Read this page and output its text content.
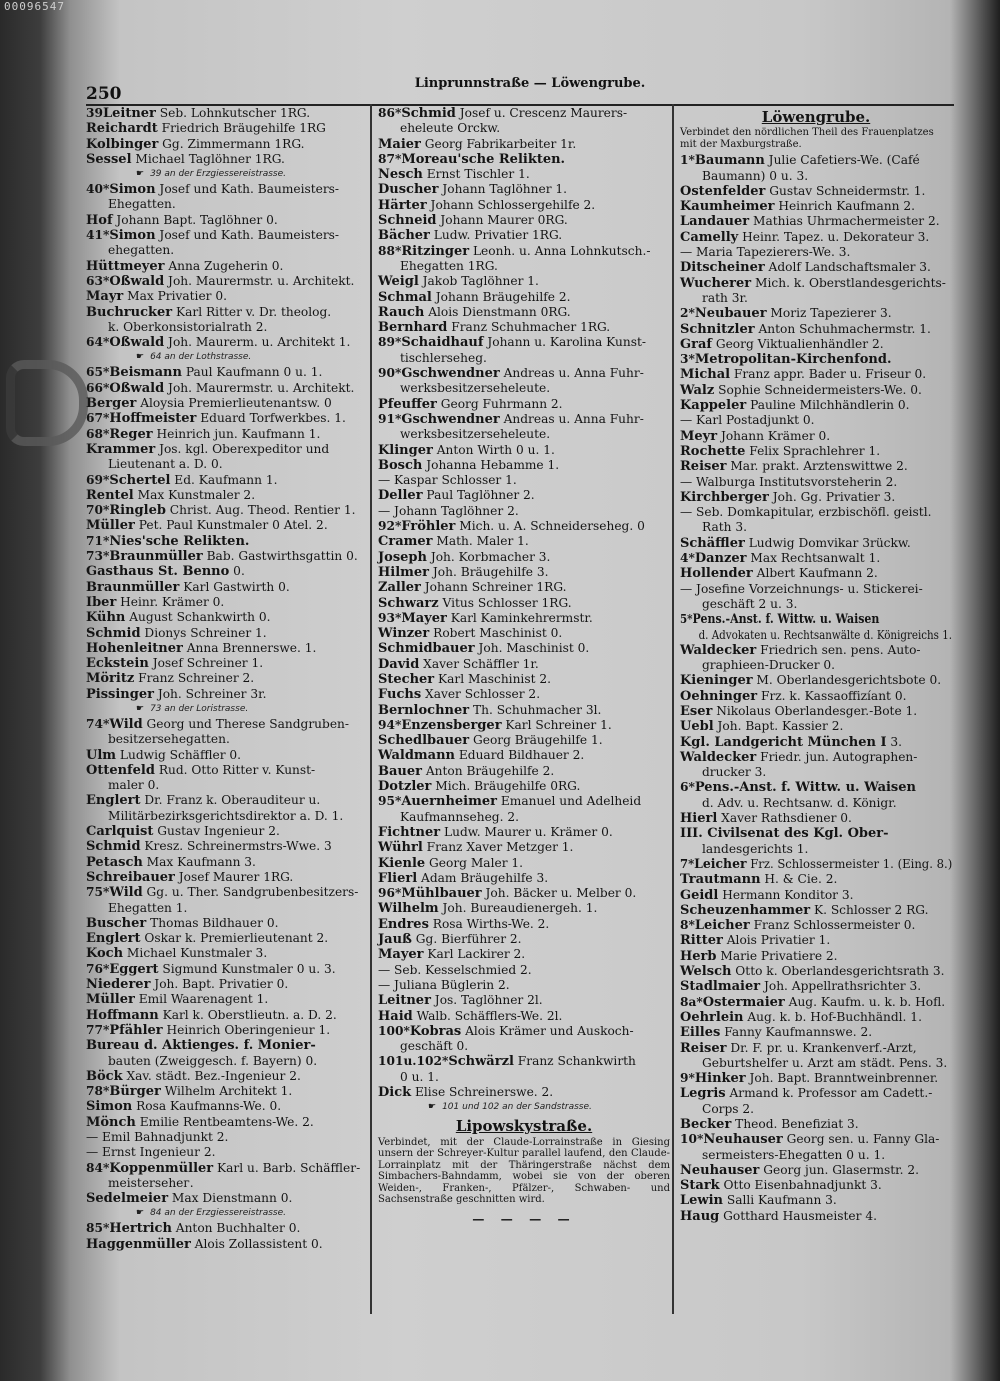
00096547
250
Linprunnstraße — Löwengrube.
39Leitner Seb. Lohnkutscher 1RG.
Reichardt Friedrich Bräugehilfe 1RG
Kolbinger Gg. Zimmermann 1RG.
Sessel Michael Taglöhner 1RG.
☛ 39 an der Erzgiessereistrasse.
40*Simon Josef und Kath. Baumeisters-
Ehegatten.
Hof Johann Bapt. Taglöhner 0.
41*Simon Josef und Kath. Baumeisters-
ehegatten.
Hüttmeyer Anna Zugeherin 0.
63*Oßwald Joh. Maurermstr. u. Architekt.
Mayr Max Privatier 0.
Buchrucker Karl Ritter v. Dr. theolog.
k. Oberkonsistorialrath 2.
64*Oßwald Joh. Maurerm. u. Architekt 1.
☛ 64 an der Lothstrasse.
65*Beismann Paul Kaufmann 0 u. 1.
66*Oßwald Joh. Maurermstr. u. Architekt.
Berger Aloysia Premierlieutenantsw. 0
67*Hoffmeister Eduard Torfwerkbes. 1.
68*Reger Heinrich jun. Kaufmann 1.
Krammer Jos. kgl. Oberexpeditor und
Lieutenant a. D. 0.
69*Schertel Ed. Kaufmann 1.
Rentel Max Kunstmaler 2.
70*Ringleb Christ. Aug. Theod. Rentier 1.
Müller Pet. Paul Kunstmaler 0 Atel. 2.
71*Nies'sche Relikten.
73*Braunmüller Bab. Gastwirthsgattin 0.
Gasthaus St. Benno 0.
Braunmüller Karl Gastwirth 0.
Iber Heinr. Krämer 0.
Kühn August Schankwirth 0.
Schmid Dionys Schreiner 1.
Hohenleitner Anna Brennerswe. 1.
Eckstein Josef Schreiner 1.
Möritz Franz Schreiner 2.
Pissinger Joh. Schreiner 3r.
☛ 73 an der Loristrasse.
74*Wild Georg und Therese Sandgruben-
besitzersehegatten.
Ulm Ludwig Schäffler 0.
Ottenfeld Rud. Otto Ritter v. Kunst-
maler 0.
Englert Dr. Franz k. Oberauditeur u.
Militärbezirksgerichtsdirektor a. D. 1.
Carlquist Gustav Ingenieur 2.
Schmid Kresz. Schreinermstrs-Wwe. 3
Petasch Max Kaufmann 3.
Schreibauer Josef Maurer 1RG.
75*Wild Gg. u. Ther. Sandgrubenbesitzers-
Ehegatten 1.
Buscher Thomas Bildhauer 0.
Englert Oskar k. Premierlieutenant 2.
Koch Michael Kunstmaler 3.
76*Eggert Sigmund Kunstmaler 0 u. 3.
Niederer Joh. Bapt. Privatier 0.
Müller Emil Waarenagent 1.
Hoffmann Karl k. Oberstlieutn. a. D. 2.
77*Pfähler Heinrich Oberingenieur 1.
Bureau d. Aktienges. f. Monier-
bauten (Zweiggesch. f. Bayern) 0.
Böck Xav. städt. Bez.-Ingenieur 2.
78*Bürger Wilhelm Architekt 1.
Simon Rosa Kaufmanns-We. 0.
Mönch Emilie Rentbeamtens-We. 2.
— Emil Bahnadjunkt 2.
— Ernst Ingenieur 2.
84*Koppenmüller Karl u. Barb. Schäffler-
meistersehег.
Sedelmeier Max Dienstmann 0.
☛ 84 an der Erzgiessereistrasse.
85*Hertrich Anton Buchhalter 0.
Haggenmüller Alois Zollassistent 0.
86*Schmid Josef u. Crescenz Maurers-
eheleute Orckw.
Maier Georg Fabrikarbeiter 1r.
87*Moreau'sche Relikten.
Nesch Ernst Tischler 1.
Duscher Johann Taglöhner 1.
Härter Johann Schlossergehilfe 2.
Schneid Johann Maurer 0RG.
Bächer Ludw. Privatier 1RG.
88*Ritzinger Leonh. u. Anna Lohnkutsch.-
Ehegatten 1RG.
Weigl Jakob Taglöhner 1.
Schmal Johann Bräugehilfe 2.
Rauch Alois Dienstmann 0RG.
Bernhard Franz Schuhmacher 1RG.
89*Schaidhauf Johann u. Karolina Kunst-
tischlerseheg.
90*Gschwendner Andreas u. Anna Fuhr-
werksbesitzerseheleute.
Pfeuffer Georg Fuhrmann 2.
91*Gschwendner Andreas u. Anna Fuhr-
werksbesitzerseheleute.
Klinger Anton Wirth 0 u. 1.
Bosch Johanna Hebamme 1.
— Kaspar Schlosser 1.
Deller Paul Taglöhner 2.
— Johann Taglöhner 2.
92*Fröhler Mich. u. A. Schneiderseheg. 0
Cramer Math. Maler 1.
Joseph Joh. Korbmacher 3.
Hilmer Joh. Bräugehilfe 3.
Zaller Johann Schreiner 1RG.
Schwarz Vitus Schlosser 1RG.
93*Mayer Karl Kaminkehrermstr.
Winzer Robert Maschinist 0.
Schmidbauer Joh. Maschinist 0.
David Xaver Schäffler 1r.
Stecher Karl Maschinist 2.
Fuchs Xaver Schlosser 2.
Bernlochner Th. Schuhmacher 3l.
94*Enzensberger Karl Schreiner 1.
Schedlbauer Georg Bräugehilfe 1.
Waldmann Eduard Bildhauer 2.
Bauer Anton Bräugehilfe 2.
Dotzler Mich. Bräugehilfe 0RG.
95*Auernheimer Emanuel und Adelheid
Kaufmannseheg. 2.
Fichtner Ludw. Maurer u. Krämer 0.
Wührl Franz Xaver Metzger 1.
Kienle Georg Maler 1.
Flierl Adam Bräugehilfe 3.
96*Mühlbauer Joh. Bäcker u. Melber 0.
Wilhelm Joh. Bureaudienergeh. 1.
Endres Rosa Wirths-We. 2.
Jauß Gg. Bierführer 2.
Mayer Karl Lackirer 2.
— Seb. Kesselschmied 2.
— Juliana Büglerin 2.
Leitner Jos. Taglöhner 2l.
Haid Walb. Schäfflers-We. 2l.
100*Kobras Alois Krämer und Auskoch-
geschäft 0.
101u.102*Schwärzl Franz Schankwirth
0 u. 1.
Dick Elise Schreinerswe. 2.
☛ 101 und 102 an der Sandstrasse.
Lipowskystraße.
Verbindet, mit der Claude-Lorrainstraße in Giesing unsern der Schreyer-Kultur parallel laufend, den Claude-Lorrainplatz mit der Thäringerstraße nächst dem Simbachers-Bahndamm, wobei sie von der oberen Weiden-, Franken-, Pfälzer-, Schwaben- und Sachsenstraße geschnitten wird.
— — — —
Löwengrube.
Verbindet den nördlichen Theil des Frauenplatzes mit der Maxburgstraße.
1*Baumann Julie Cafetiers-We. (Café
Baumann) 0 u. 3.
Ostenfelder Gustav Schneidermstr. 1.
Kaumheimer Heinrich Kaufmann 2.
Landauer Mathias Uhrmachermeister 2.
Camelly Heinr. Tapez. u. Dekorateur 3.
— Maria Tapezierers-We. 3.
Ditscheiner Adolf Landschaftsmaler 3.
Wucherer Mich. k. Oberstlandesgerichts-
rath 3r.
2*Neubauer Moriz Tapezierer 3.
Schnitzler Anton Schuhmachermstr. 1.
Graf Georg Viktualienhändler 2.
3*Metropolitan-Kirchenfond.
Michal Franz appr. Bader u. Friseur 0.
Walz Sophie Schneidermeisters-We. 0.
Kappeler Pauline Milchhändlerin 0.
— Karl Postadjunkt 0.
Meyr Johann Krämer 0.
Rochette Felix Sprachlehrer 1.
Reiser Mar. prakt. Arztenswittwe 2.
— Walburga Institutsvorsteherin 2.
Kirchberger Joh. Gg. Privatier 3.
— Seb. Domkapitular, erzbischöfl. geistl.
Rath 3.
Schäffler Ludwig Domvikar 3rückw.
4*Danzer Max Rechtsanwalt 1.
Hollender Albert Kaufmann 2.
— Josefine Vorzeichnungs- u. Stickerei-
geschäft 2 u. 3.
5*Pens.-Anst. f. Wittw. u. Waisen
d. Advokaten u. Rechtsanwälte d. Königreichs 1.
Waldecker Friedrich sen. pens. Auto-
graphieen-Drucker 0.
Kieninger M. Oberlandesgerichtsbote 0.
Oehninger Frz. k. Kassaoffizíant 0.
Eser Nikolaus Oberlandesger.-Bote 1.
Uebl Joh. Bapt. Kassier 2.
Kgl. Landgericht München I 3.
Waldecker Friedr. jun. Autographen-
drucker 3.
6*Pens.-Anst. f. Wittw. u. Waisen
d. Adv. u. Rechtsanw. d. Königr.
Hierl Xaver Rathsdiener 0.
III. Civilsenat des Kgl. Ober-
landesgerichts 1.
7*Leicher Frz. Schlossermeister 1. (Eing. 8.)
Trautmann H. & Cie. 2.
Geidl Hermann Konditor 3.
Scheuzenhammer K. Schlosser 2 RG.
8*Leicher Franz Schlossermeister 0.
Ritter Alois Privatier 1.
Herb Marie Privatiere 2.
Welsch Otto k. Oberlandesgerichtsrath 3.
Stadlmaier Joh. Appellrathsrichter 3.
8a*Ostermaier Aug. Kaufm. u. k. b. Hofl.
Oehrlein Aug. k. b. Hof-Buchhändl. 1.
Eilles Fanny Kaufmannswe. 2.
Reiser Dr. F. pr. u. Krankenverf.-Arzt,
Geburtshelfer u. Arzt am städt. Pens. 3.
9*Hinker Joh. Bapt. Branntweinbrenner.
Legris Armand k. Professor am Cadett.-
Corps 2.
Becker Theod. Benefiziat 3.
10*Neuhauser Georg sen. u. Fanny Gla-
sermeisters-Ehegatten 0 u. 1.
Neuhauser Georg jun. Glasermstr. 2.
Stark Otto Eisenbahnadjunkt 3.
Lewin Salli Kaufmann 3.
Haug Gotthard Hausmeister 4.
